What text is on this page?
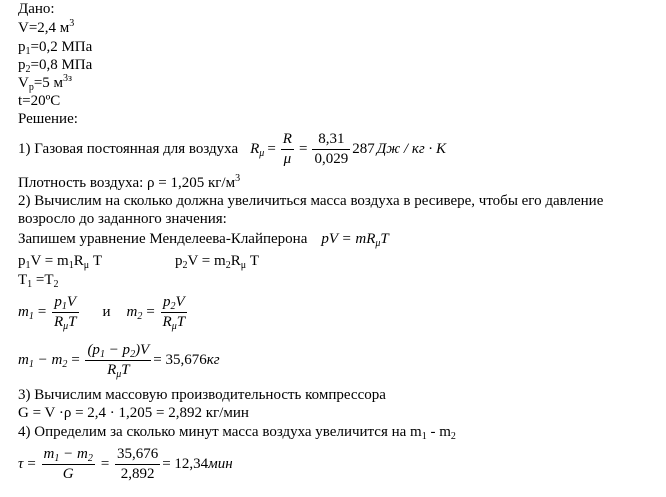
Дано:
V=2,4 $м^3$
$p_1=0,2$ МПа
$p_2=0,8$ МПа
$V_р=5$ $м^{3з}$
t=20ºC
Решение:
1) Газовая постоянная для воздуха $R_\mu = \frac{R}{\mu} = \frac{8,31}{0,029} 287$ Дж / кг · К
Плотность воздуха: ρ = 1,205 $кг/м^3$
2) Вычислим на сколько должна увеличиться масса воздуха в ресивере, чтобы его давление
возросло до заданного значения:
Запишем уравнение Менделеева-Клайперона pV = $mR_\mu T$
$p_1V = m_1R_\mu$ T	$p_2V = m_2R_\mu$ T
$T_1 =T_2$
$m_1 = \frac{p_1V}{R_\mu T}$ и $m_2 = \frac{p_2V}{R_\mu T}$
$m_1 - m_2 = \frac{(p_1 - p_2)V}{R_\mu T} = 35,676$ кг
3) Вычислим массовую производительность компрессора
G = V ·ρ = 2,4 · 1,205 = 2,892 кг/мин
4) Определим за сколько минут масса воздуха увеличится на $m_1 - m_2$
$\tau = \frac{m_1 - m_2}{G} = \frac{35,676}{2,892} = 12,34$ мин
